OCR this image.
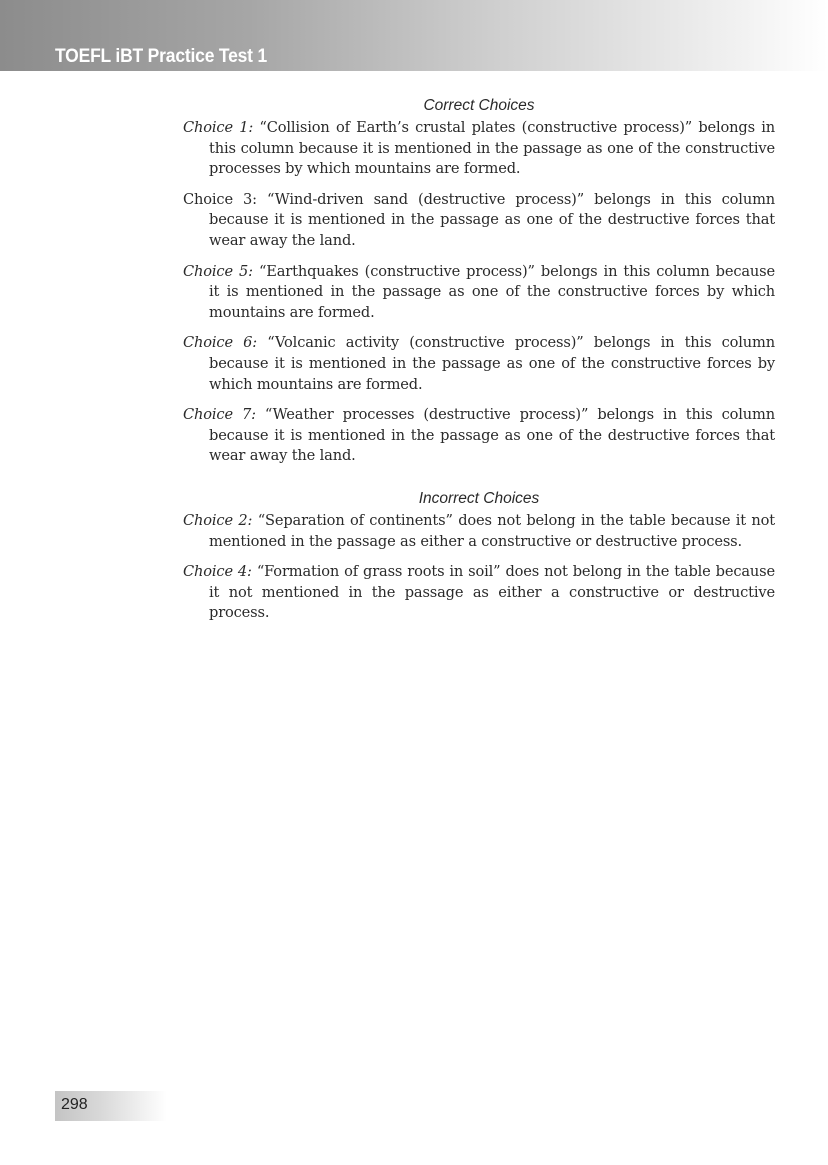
TOEFL iBT Practice Test 1
Correct Choices

Choice 1: “Collision of Earth’s crustal plates (constructive process)” belongs in this column because it is mentioned in the passage as one of the constructive processes by which mountains are formed.

Choice 3: “Wind-driven sand (destructive process)” belongs in this column because it is mentioned in the passage as one of the destructive forces that wear away the land.

Choice 5: “Earthquakes (constructive process)” belongs in this column because it is mentioned in the passage as one of the constructive forces by which mountains are formed.

Choice 6: “Volcanic activity (constructive process)” belongs in this column because it is mentioned in the passage as one of the constructive forces by which mountains are formed.

Choice 7: “Weather processes (destructive process)” belongs in this column because it is mentioned in the passage as one of the destructive forces that wear away the land.

Incorrect Choices

Choice 2: “Separation of continents” does not belong in the table because it not mentioned in the passage as either a constructive or destructive process.

Choice 4: “Formation of grass roots in soil” does not belong in the table because it not mentioned in the passage as either a constructive or destructive process.

298
